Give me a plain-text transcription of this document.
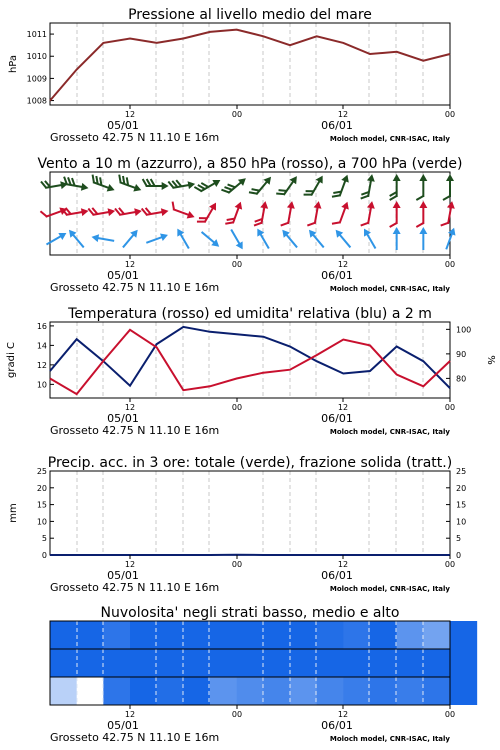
Pressione al livello medio del mare
1011
1010
1009
1008
hPa
12	00	12	00
05/01	06/01
Grosseto 42.75 N 11.10 E 16m	Moloch model, CNR-ISAC, Italy
Vento a 10 m (azzurro), a 850 hPa (rosso), a 700 hPa (verde)
12	00	12	00
05/01	06/01
Grosseto 42.75 N 11.10 E 16m	Moloch model, CNR-ISAC, Italy
Temperatura (rosso) ed umidita' relativa (blu) a 2 m
16
14
12
10
100
90
80
gradi C	%
12	00	12	00
05/01	06/01
Grosseto 42.75 N 11.10 E 16m	Moloch model, CNR-ISAC, Italy
Precip. acc. in 3 ore: totale (verde), frazione solida (tratt.)
25
20
15
10
5
0
25
20
15
10
5
0
mm
12	00	12	00
05/01	06/01
Grosseto 42.75 N 11.10 E 16m	Moloch model, CNR-ISAC, Italy
Nuvolosita' negli strati basso, medio e alto
12	00	12	00
05/01	06/01
Grosseto 42.75 N 11.10 E 16m	Moloch model, CNR-ISAC, Italy
